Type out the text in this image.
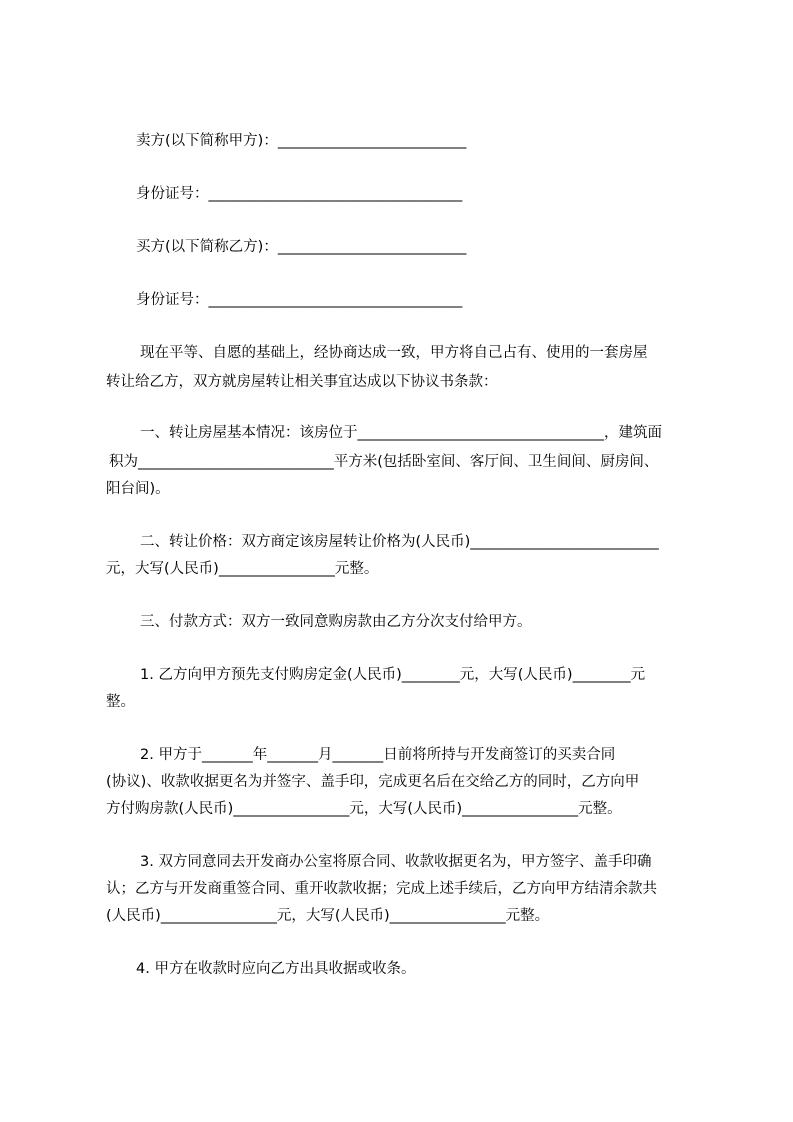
卖方(以下简称甲方)：__________________________
身份证号：___________________________________
买方(以下简称乙方)：__________________________
身份证号：___________________________________
现在平等、自愿的基础上，经协商达成一致，甲方将自己占有、使用的一套房屋
转让给乙方，双方就房屋转让相关事宜达成以下协议书条款：
一、转让房屋基本情况：该房位于__________________________________，建筑面
积为___________________________平方米(包括卧室间、客厅间、卫生间间、厨房间、
阳台间)。
二、转让价格：双方商定该房屋转让价格为(人民币)__________________________
元，大写(人民币)________________元整。
三、付款方式：双方一致同意购房款由乙方分次支付给甲方。
1. 乙方向甲方预先支付购房定金(人民币)________元，大写(人民币)________元
整。
2. 甲方于_______年_______月_______日前将所持与开发商签订的买卖合同
(协议)、收款收据更名为并签字、盖手印，完成更名后在交给乙方的同时，乙方向甲
方付购房款(人民币)________________元，大写(人民币)________________元整。
3. 双方同意同去开发商办公室将原合同、收款收据更名为，甲方签字、盖手印确
认；乙方与开发商重签合同、重开收款收据；完成上述手续后，乙方向甲方结清余款共
(人民币)________________元，大写(人民币)________________元整。
4. 甲方在收款时应向乙方出具收据或收条。
